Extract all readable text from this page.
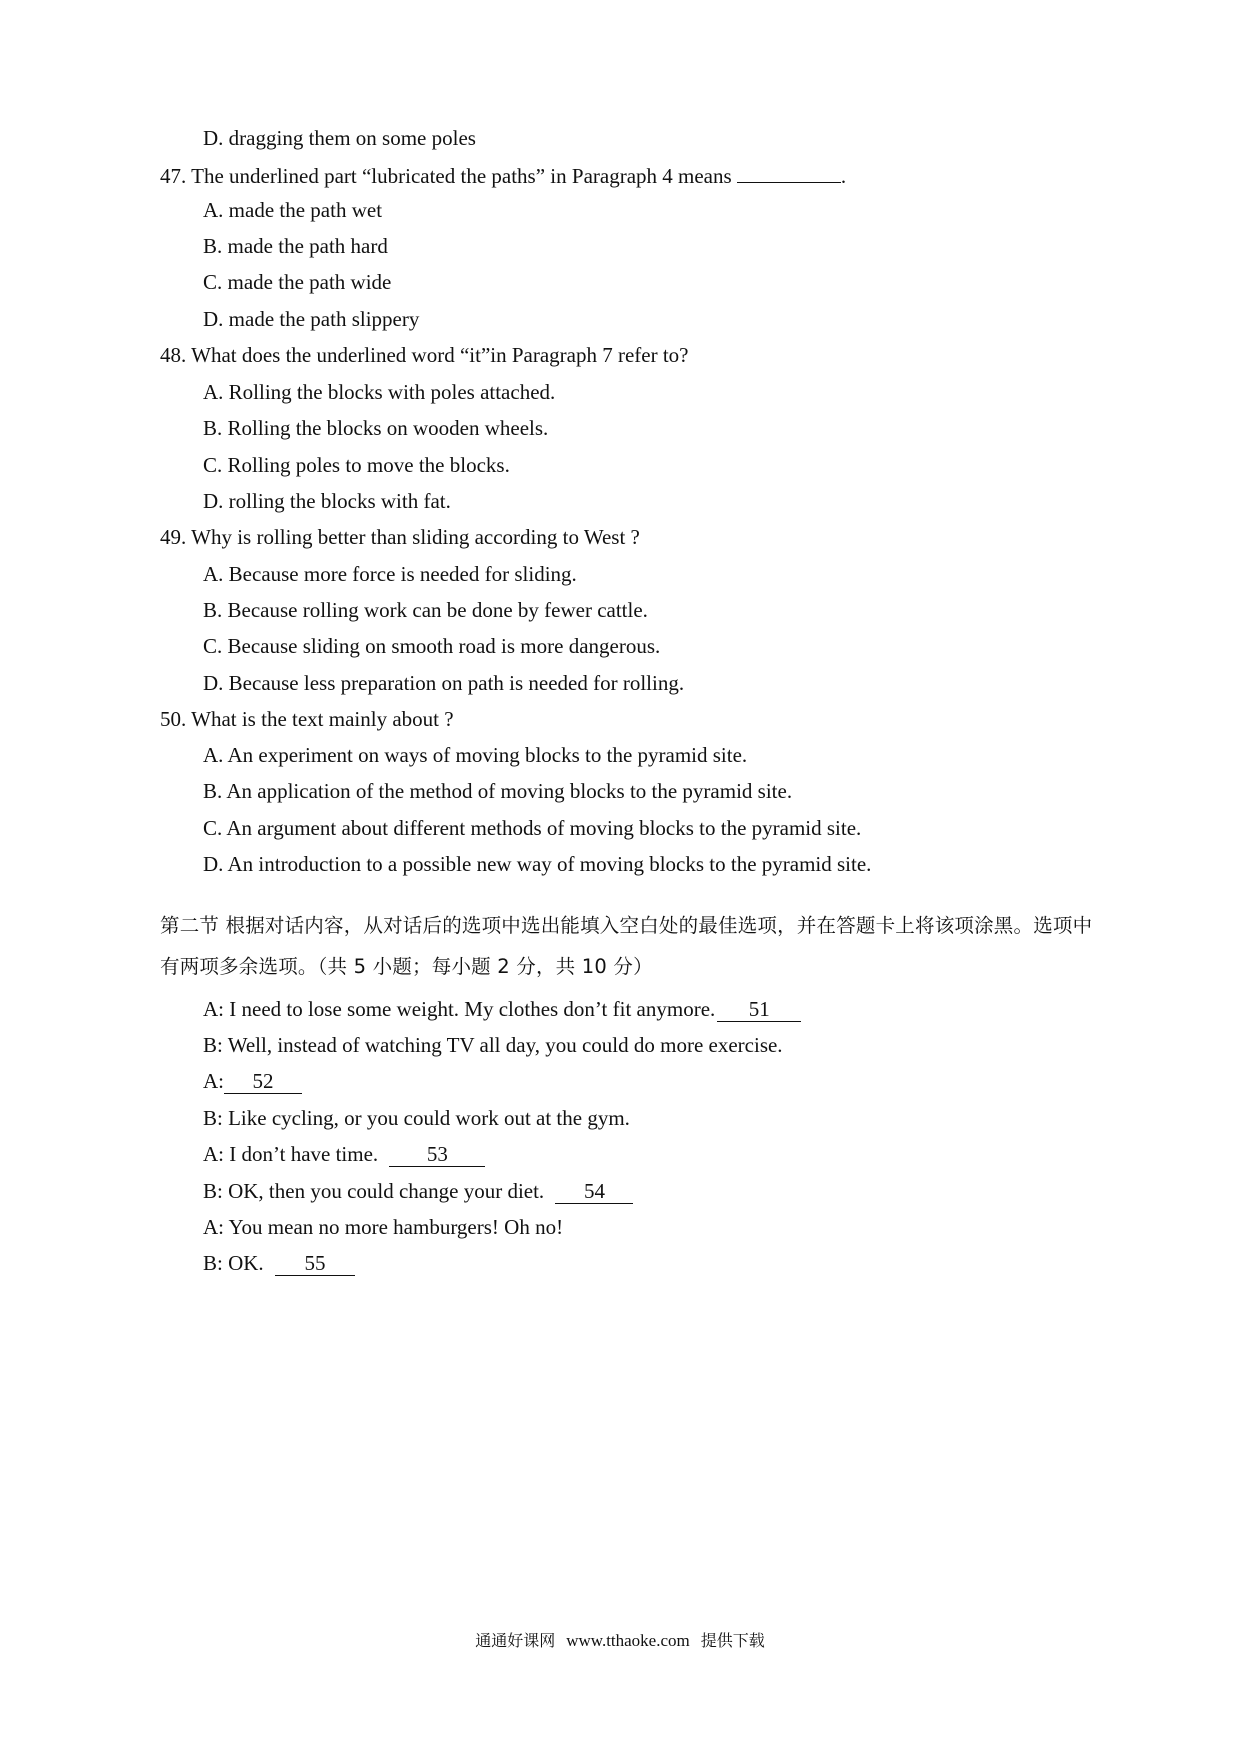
D. dragging them on some poles
47. The underlined part “lubricated the paths” in Paragraph 4 means	.
A. made the path wet
B. made the path hard
C. made the path wide
D. made the path slippery
48. What does the underlined word “it”in Paragraph 7 refer to?
A. Rolling the blocks with poles attached.
B. Rolling the blocks on wooden wheels.
C. Rolling poles to move the blocks.
D. rolling the blocks with fat.
49. Why is rolling better than sliding according to West ?
A. Because more force is needed for sliding.
B. Because rolling work can be done by fewer cattle.
C. Because sliding on smooth road is more dangerous.
D. Because less preparation on path is needed for rolling.
50. What is the text mainly about ?
A. An experiment on ways of moving blocks to the pyramid site.
B. An application of the method of moving blocks to the pyramid site.
C. An argument about different methods of moving blocks to the pyramid site.
D. An introduction to a possible new way of moving blocks to the pyramid site.
第二节 根据对话内容，从对话后的选项中选出能填入空白处的最佳选项，并在答题卡上将该项涂黑。选项中有两项多余选项。（共 5 小题；每小题 2 分，共 10 分）
A: I need to lose some weight. My clothes don’t fit anymore. 51
B: Well, instead of watching TV all day, you could do more exercise.
A: 52
B: Like cycling, or you could work out at the gym.
A: I don’t have time. 53
B: OK, then you could change your diet. 54
A: You mean no more hamburgers! Oh no!
B: OK. 55
通通好课网 www.tthaoke.com 提供下载
